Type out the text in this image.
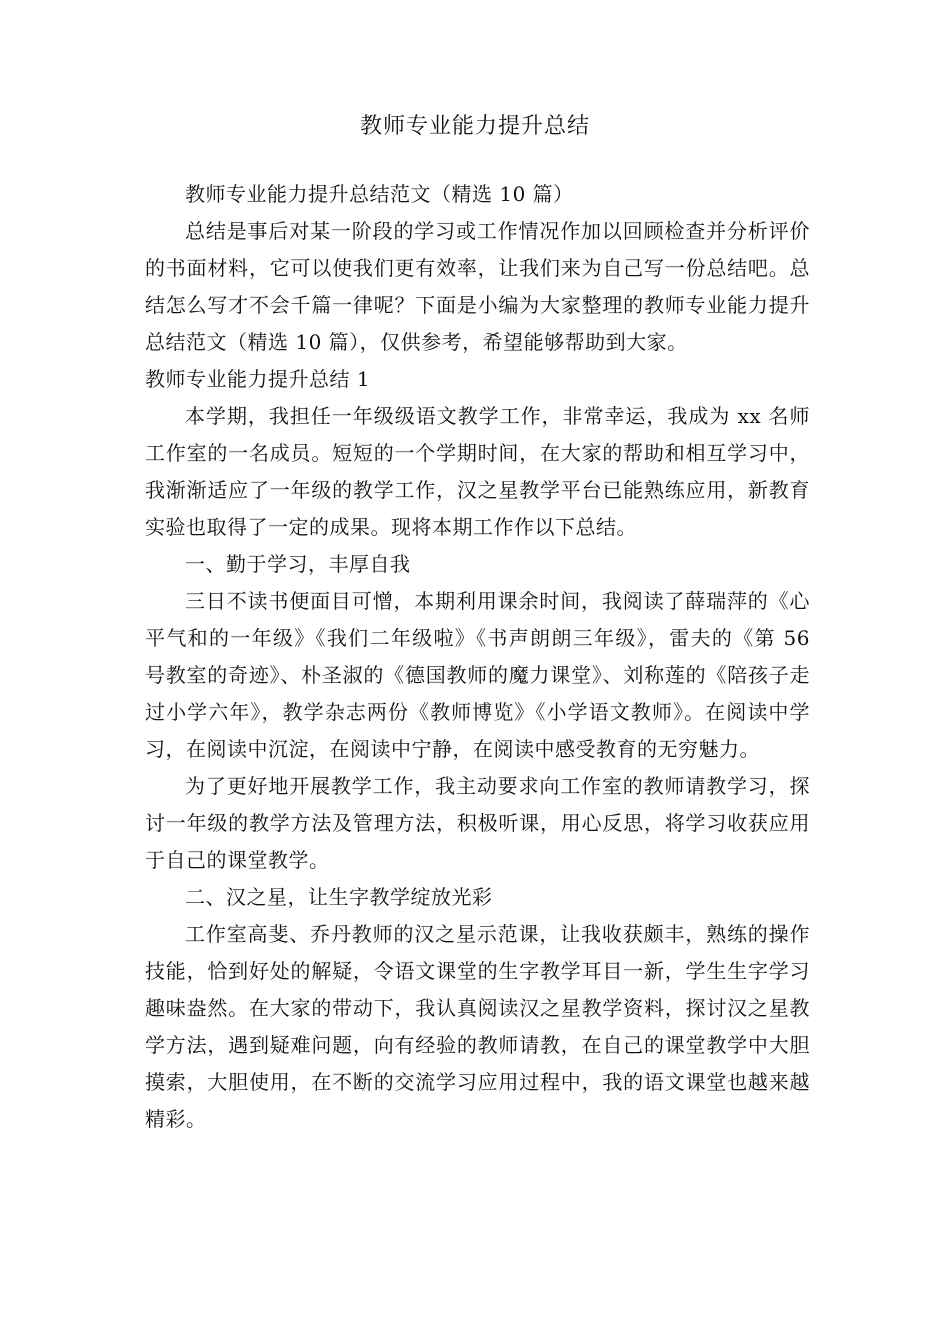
教师专业能力提升总结

教师专业能力提升总结范文（精选 10 篇）

总结是事后对某一阶段的学习或工作情况作加以回顾检查并分析评价的书面材料，它可以使我们更有效率，让我们来为自己写一份总结吧。总结怎么写才不会千篇一律呢？下面是小编为大家整理的教师专业能力提升总结范文（精选 10 篇），仅供参考，希望能够帮助到大家。

教师专业能力提升总结 1

本学期，我担任一年级级语文教学工作，非常幸运，我成为 xx 名师工作室的一名成员。短短的一个学期时间，在大家的帮助和相互学习中，我渐渐适应了一年级的教学工作，汉之星教学平台已能熟练应用，新教育实验也取得了一定的成果。现将本期工作作以下总结。

一、勤于学习，丰厚自我

三日不读书便面目可憎，本期利用课余时间，我阅读了薛瑞萍的《心平气和的一年级》《我们二年级啦》《书声朗朗三年级》，雷夫的《第 56 号教室的奇迹》、朴圣淑的《德国教师的魔力课堂》、刘称莲的《陪孩子走过小学六年》，教学杂志两份《教师博览》《小学语文教师》。在阅读中学习，在阅读中沉淀，在阅读中宁静，在阅读中感受教育的无穷魅力。

为了更好地开展教学工作，我主动要求向工作室的教师请教学习，探讨一年级的教学方法及管理方法，积极听课，用心反思，将学习收获应用于自己的课堂教学。

二、汉之星，让生字教学绽放光彩

工作室高斐、乔丹教师的汉之星示范课，让我收获颇丰，熟练的操作技能，恰到好处的解疑，令语文课堂的生字教学耳目一新，学生生字学习趣味盎然。在大家的带动下，我认真阅读汉之星教学资料，探讨汉之星教学方法，遇到疑难问题，向有经验的教师请教，在自己的课堂教学中大胆摸索，大胆使用，在不断的交流学习应用过程中，我的语文课堂也越来越精彩。
